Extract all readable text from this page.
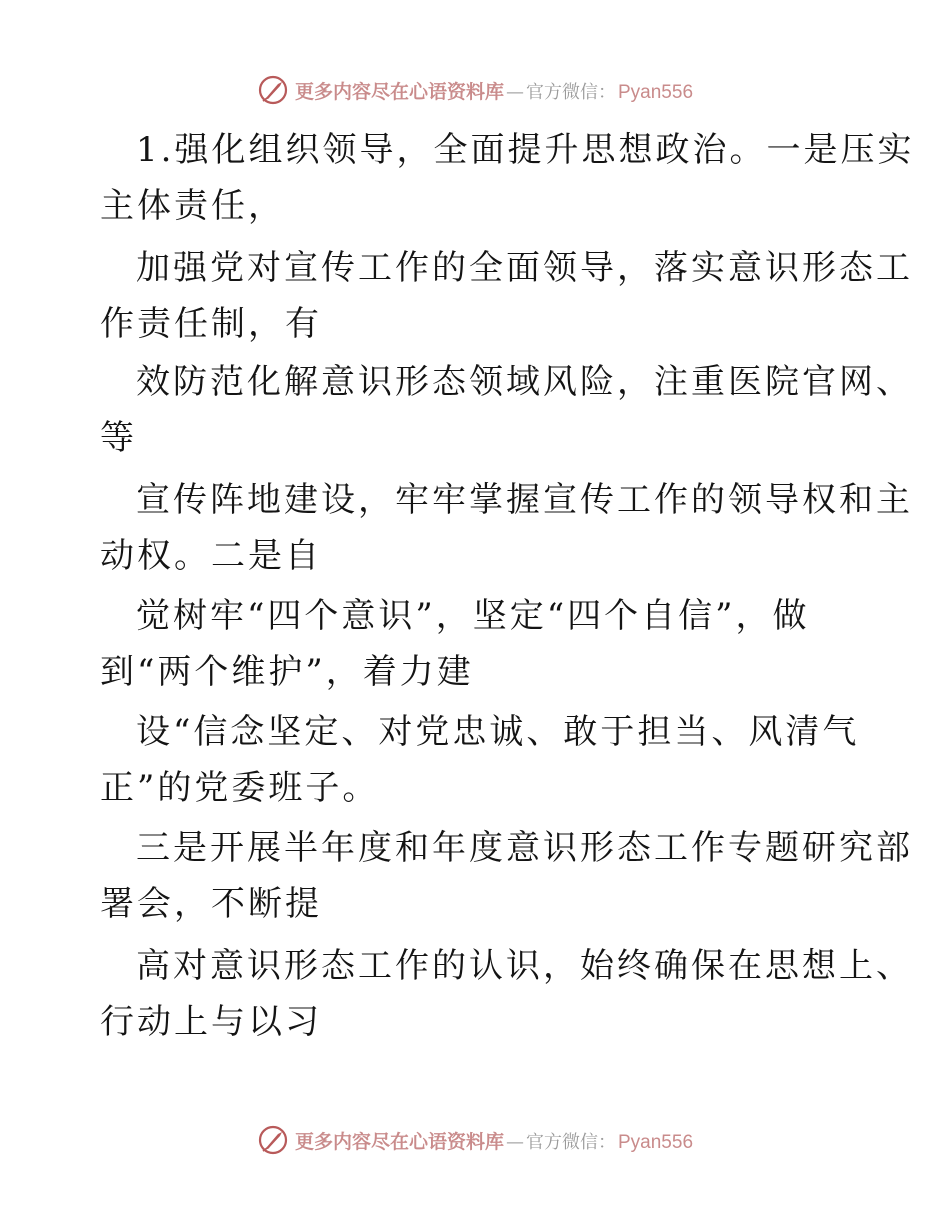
更多内容尽在心语资料库 — 官方微信： Pyan556
1.强化组织领导，全面提升思想政治。一是压实
主体责任，
加强党对宣传工作的全面领导，落实意识形态工
作责任制，有
效防范化解意识形态领域风险，注重医院官网、
等
宣传阵地建设，牢牢掌握宣传工作的领导权和主
动权。二是自
觉树牢“四个意识”，坚定“四个自信”，做
到“两个维护”，着力建
设“信念坚定、对党忠诚、敢于担当、风清气
正”的党委班子。
三是开展半年度和年度意识形态工作专题研究部
署会，不断提
高对意识形态工作的认识，始终确保在思想上、
行动上与以习
更多内容尽在心语资料库 — 官方微信： Pyan556
